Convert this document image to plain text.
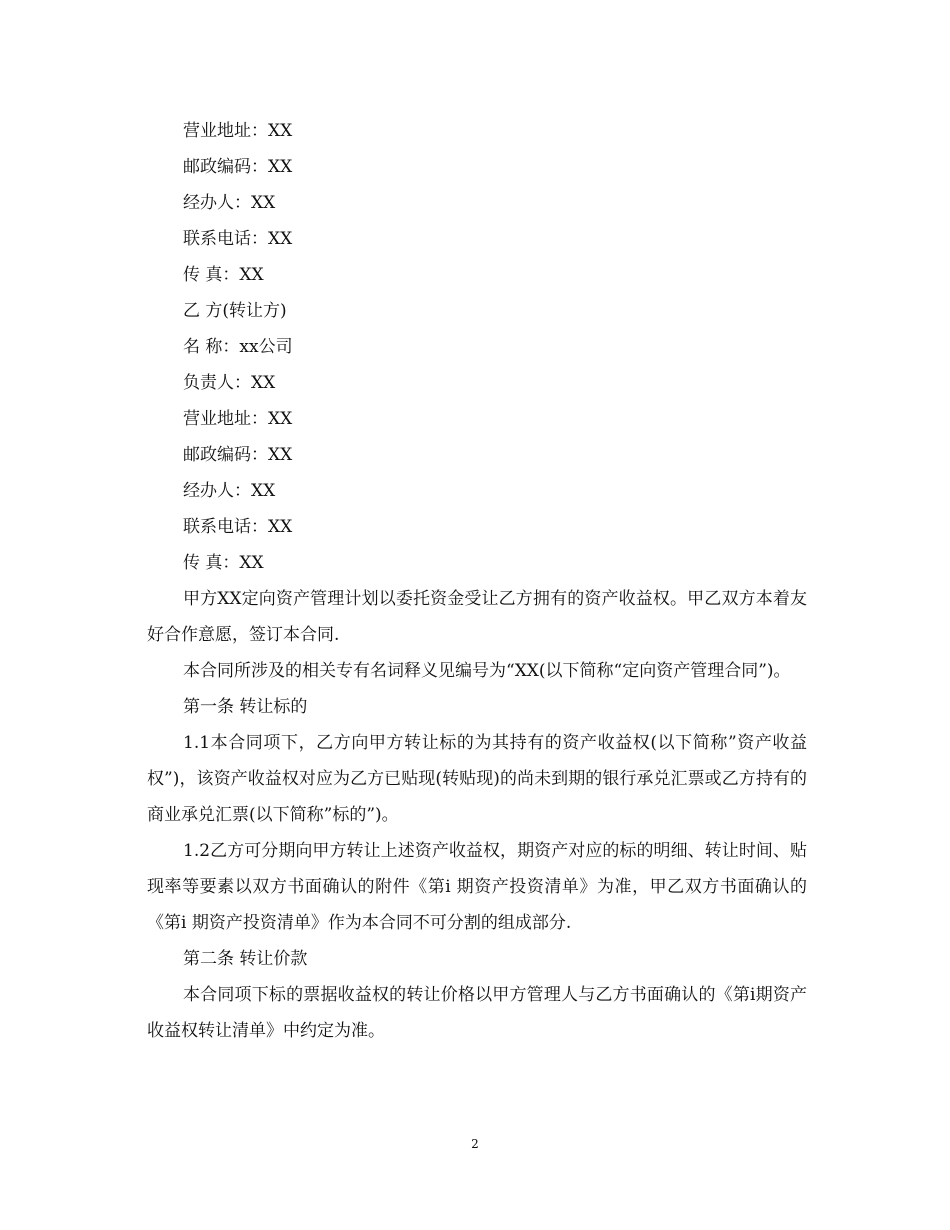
营业地址：XX
邮政编码：XX
经办人：XX
联系电话：XX
传 真：XX
乙 方(转让方)
名 称：xx公司
负责人：XX
营业地址：XX
邮政编码：XX
经办人：XX
联系电话：XX
传 真：XX

甲方XX定向资产管理计划以委托资金受让乙方拥有的资产收益权。甲乙双方本着友好合作意愿，签订本合同.

本合同所涉及的相关专有名词释义见编号为“XX(以下简称“定向资产管理合同”)。

第一条 转让标的

1.1本合同项下，乙方向甲方转让标的为其持有的资产收益权(以下简称”资产收益权”)，该资产收益权对应为乙方已贴现(转贴现)的尚未到期的银行承兑汇票或乙方持有的商业承兑汇票(以下简称”标的”)。

1.2乙方可分期向甲方转让上述资产收益权，期资产对应的标的明细、转让时间、贴现率等要素以双方书面确认的附件《第i 期资产投资清单》为准，甲乙双方书面确认的《第i 期资产投资清单》作为本合同不可分割的组成部分.

第二条 转让价款

本合同项下标的票据收益权的转让价格以甲方管理人与乙方书面确认的《第i期资产收益权转让清单》中约定为准。

2
